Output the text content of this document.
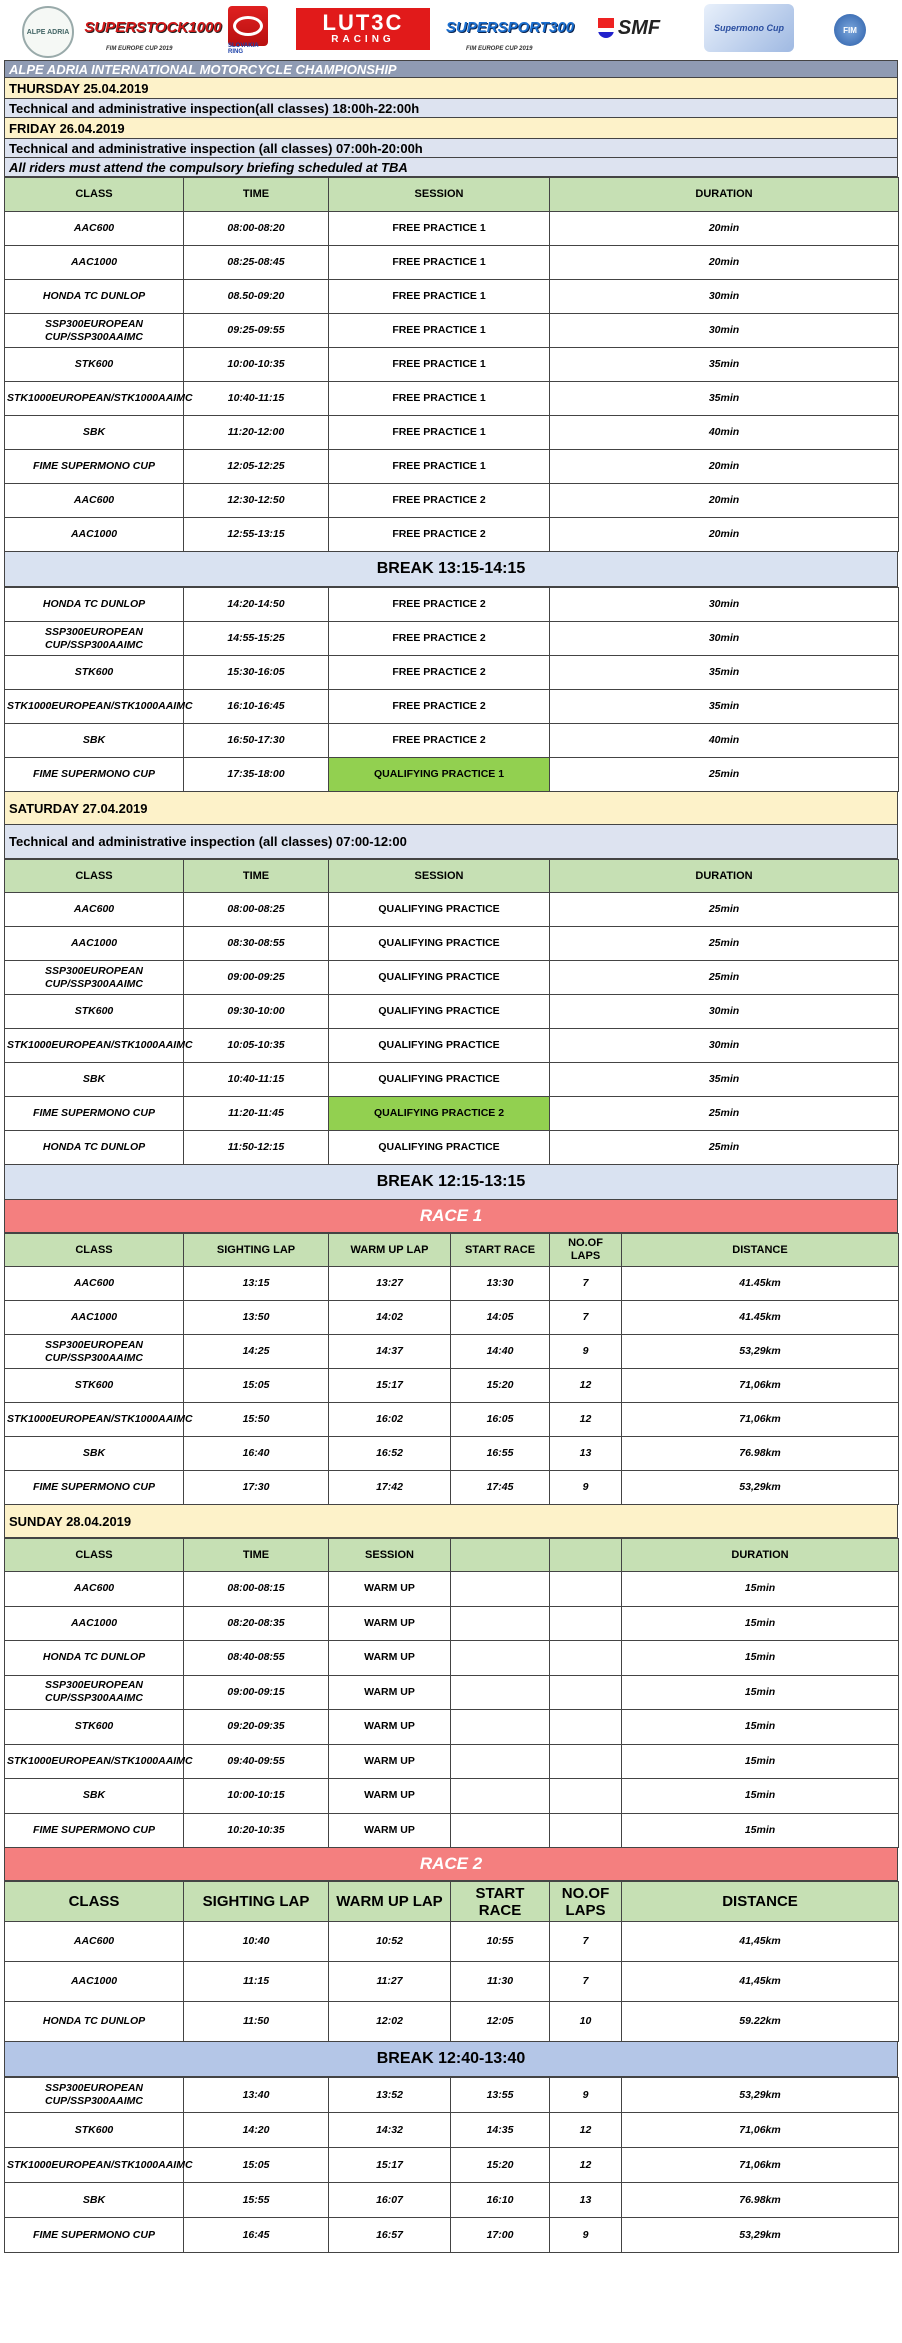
ALPE ADRIA SUPERSTOCK1000
FIM EUROPE CUP 2019	SLOVAKIA RING
LUT3C
RACING
SUPERSPORT300
FIM EUROPE CUP 2019
SMF	Supermono Cup	FIM
ALPE ADRIA INTERNATIONAL MOTORCYCLE CHAMPIONSHIP
THURSDAY 25.04.2019
Technical and administrative inspection(all classes) 18:00h-22:00h
FRIDAY 26.04.2019
Technical and administrative inspection (all classes) 07:00h-20:00h
All riders must attend the compulsory briefing scheduled at TBA
CLASS	TIME	SESSION	DURATION
AAC600	08:00-08:20	FREE PRACTICE 1	20min
AAC1000	08:25-08:45	FREE PRACTICE 1	20min
HONDA TC DUNLOP	08.50-09:20	FREE PRACTICE 1	30min
SSP300EUROPEAN CUP/SSP300AAIMC	09:25-09:55	FREE PRACTICE 1	30min
STK600	10:00-10:35	FREE PRACTICE 1	35min
STK1000EUROPEAN/STK1000AAIMC	10:40-11:15	FREE PRACTICE 1	35min
SBK	11:20-12:00	FREE PRACTICE 1	40min
FIME SUPERMONO CUP	12:05-12:25	FREE PRACTICE 1	20min
AAC600	12:30-12:50	FREE PRACTICE 2	20min
AAC1000	12:55-13:15	FREE PRACTICE 2	20min
BREAK 13:15-14:15
HONDA TC DUNLOP	14:20-14:50	FREE PRACTICE 2	30min
SSP300EUROPEAN CUP/SSP300AAIMC	14:55-15:25	FREE PRACTICE 2	30min
STK600	15:30-16:05	FREE PRACTICE 2	35min
STK1000EUROPEAN/STK1000AAIMC	16:10-16:45	FREE PRACTICE 2	35min
SBK	16:50-17:30	FREE PRACTICE 2	40min
FIME SUPERMONO CUP	17:35-18:00	QUALIFYING PRACTICE 1	25min
SATURDAY 27.04.2019
Technical and administrative inspection (all classes) 07:00-12:00
CLASS	TIME	SESSION	DURATION
AAC600	08:00-08:25	QUALIFYING PRACTICE	25min
AAC1000	08:30-08:55	QUALIFYING PRACTICE	25min
SSP300EUROPEAN CUP/SSP300AAIMC	09:00-09:25	QUALIFYING PRACTICE	25min
STK600	09:30-10:00	QUALIFYING PRACTICE	30min
STK1000EUROPEAN/STK1000AAIMC	10:05-10:35	QUALIFYING PRACTICE	30min
SBK	10:40-11:15	QUALIFYING PRACTICE	35min
FIME SUPERMONO CUP	11:20-11:45	QUALIFYING PRACTICE 2	25min
HONDA TC DUNLOP	11:50-12:15	QUALIFYING PRACTICE	25min
BREAK 12:15-13:15
RACE 1
CLASS	SIGHTING LAP	WARM UP LAP	START RACE	NO.OF LAPS	DISTANCE
AAC600	13:15	13:27	13:30	7	41.45km
AAC1000	13:50	14:02	14:05	7	41.45km
SSP300EUROPEAN CUP/SSP300AAIMC	14:25	14:37	14:40	9	53,29km
STK600	15:05	15:17	15:20	12	71,06km
STK1000EUROPEAN/STK1000AAIMC	15:50	16:02	16:05	12	71,06km
SBK	16:40	16:52	16:55	13	76.98km
FIME SUPERMONO CUP	17:30	17:42	17:45	9	53,29km
SUNDAY 28.04.2019
CLASS	TIME	SESSION			DURATION
AAC600	08:00-08:15	WARM UP			15min
AAC1000	08:20-08:35	WARM UP			15min
HONDA TC DUNLOP	08:40-08:55	WARM UP			15min
SSP300EUROPEAN CUP/SSP300AAIMC	09:00-09:15	WARM UP			15min
STK600	09:20-09:35	WARM UP			15min
STK1000EUROPEAN/STK1000AAIMC	09:40-09:55	WARM UP			15min
SBK	10:00-10:15	WARM UP			15min
FIME SUPERMONO CUP	10:20-10:35	WARM UP			15min
RACE 2
CLASS	SIGHTING LAP	WARM UP LAP	START RACE	NO.OF LAPS	DISTANCE
AAC600	10:40	10:52	10:55	7	41,45km
AAC1000	11:15	11:27	11:30	7	41,45km
HONDA TC DUNLOP	11:50	12:02	12:05	10	59.22km
BREAK 12:40-13:40
SSP300EUROPEAN CUP/SSP300AAIMC	13:40	13:52	13:55	9	53,29km
STK600	14:20	14:32	14:35	12	71,06km
STK1000EUROPEAN/STK1000AAIMC	15:05	15:17	15:20	12	71,06km
SBK	15:55	16:07	16:10	13	76.98km
FIME SUPERMONO CUP	16:45	16:57	17:00	9	53,29km
